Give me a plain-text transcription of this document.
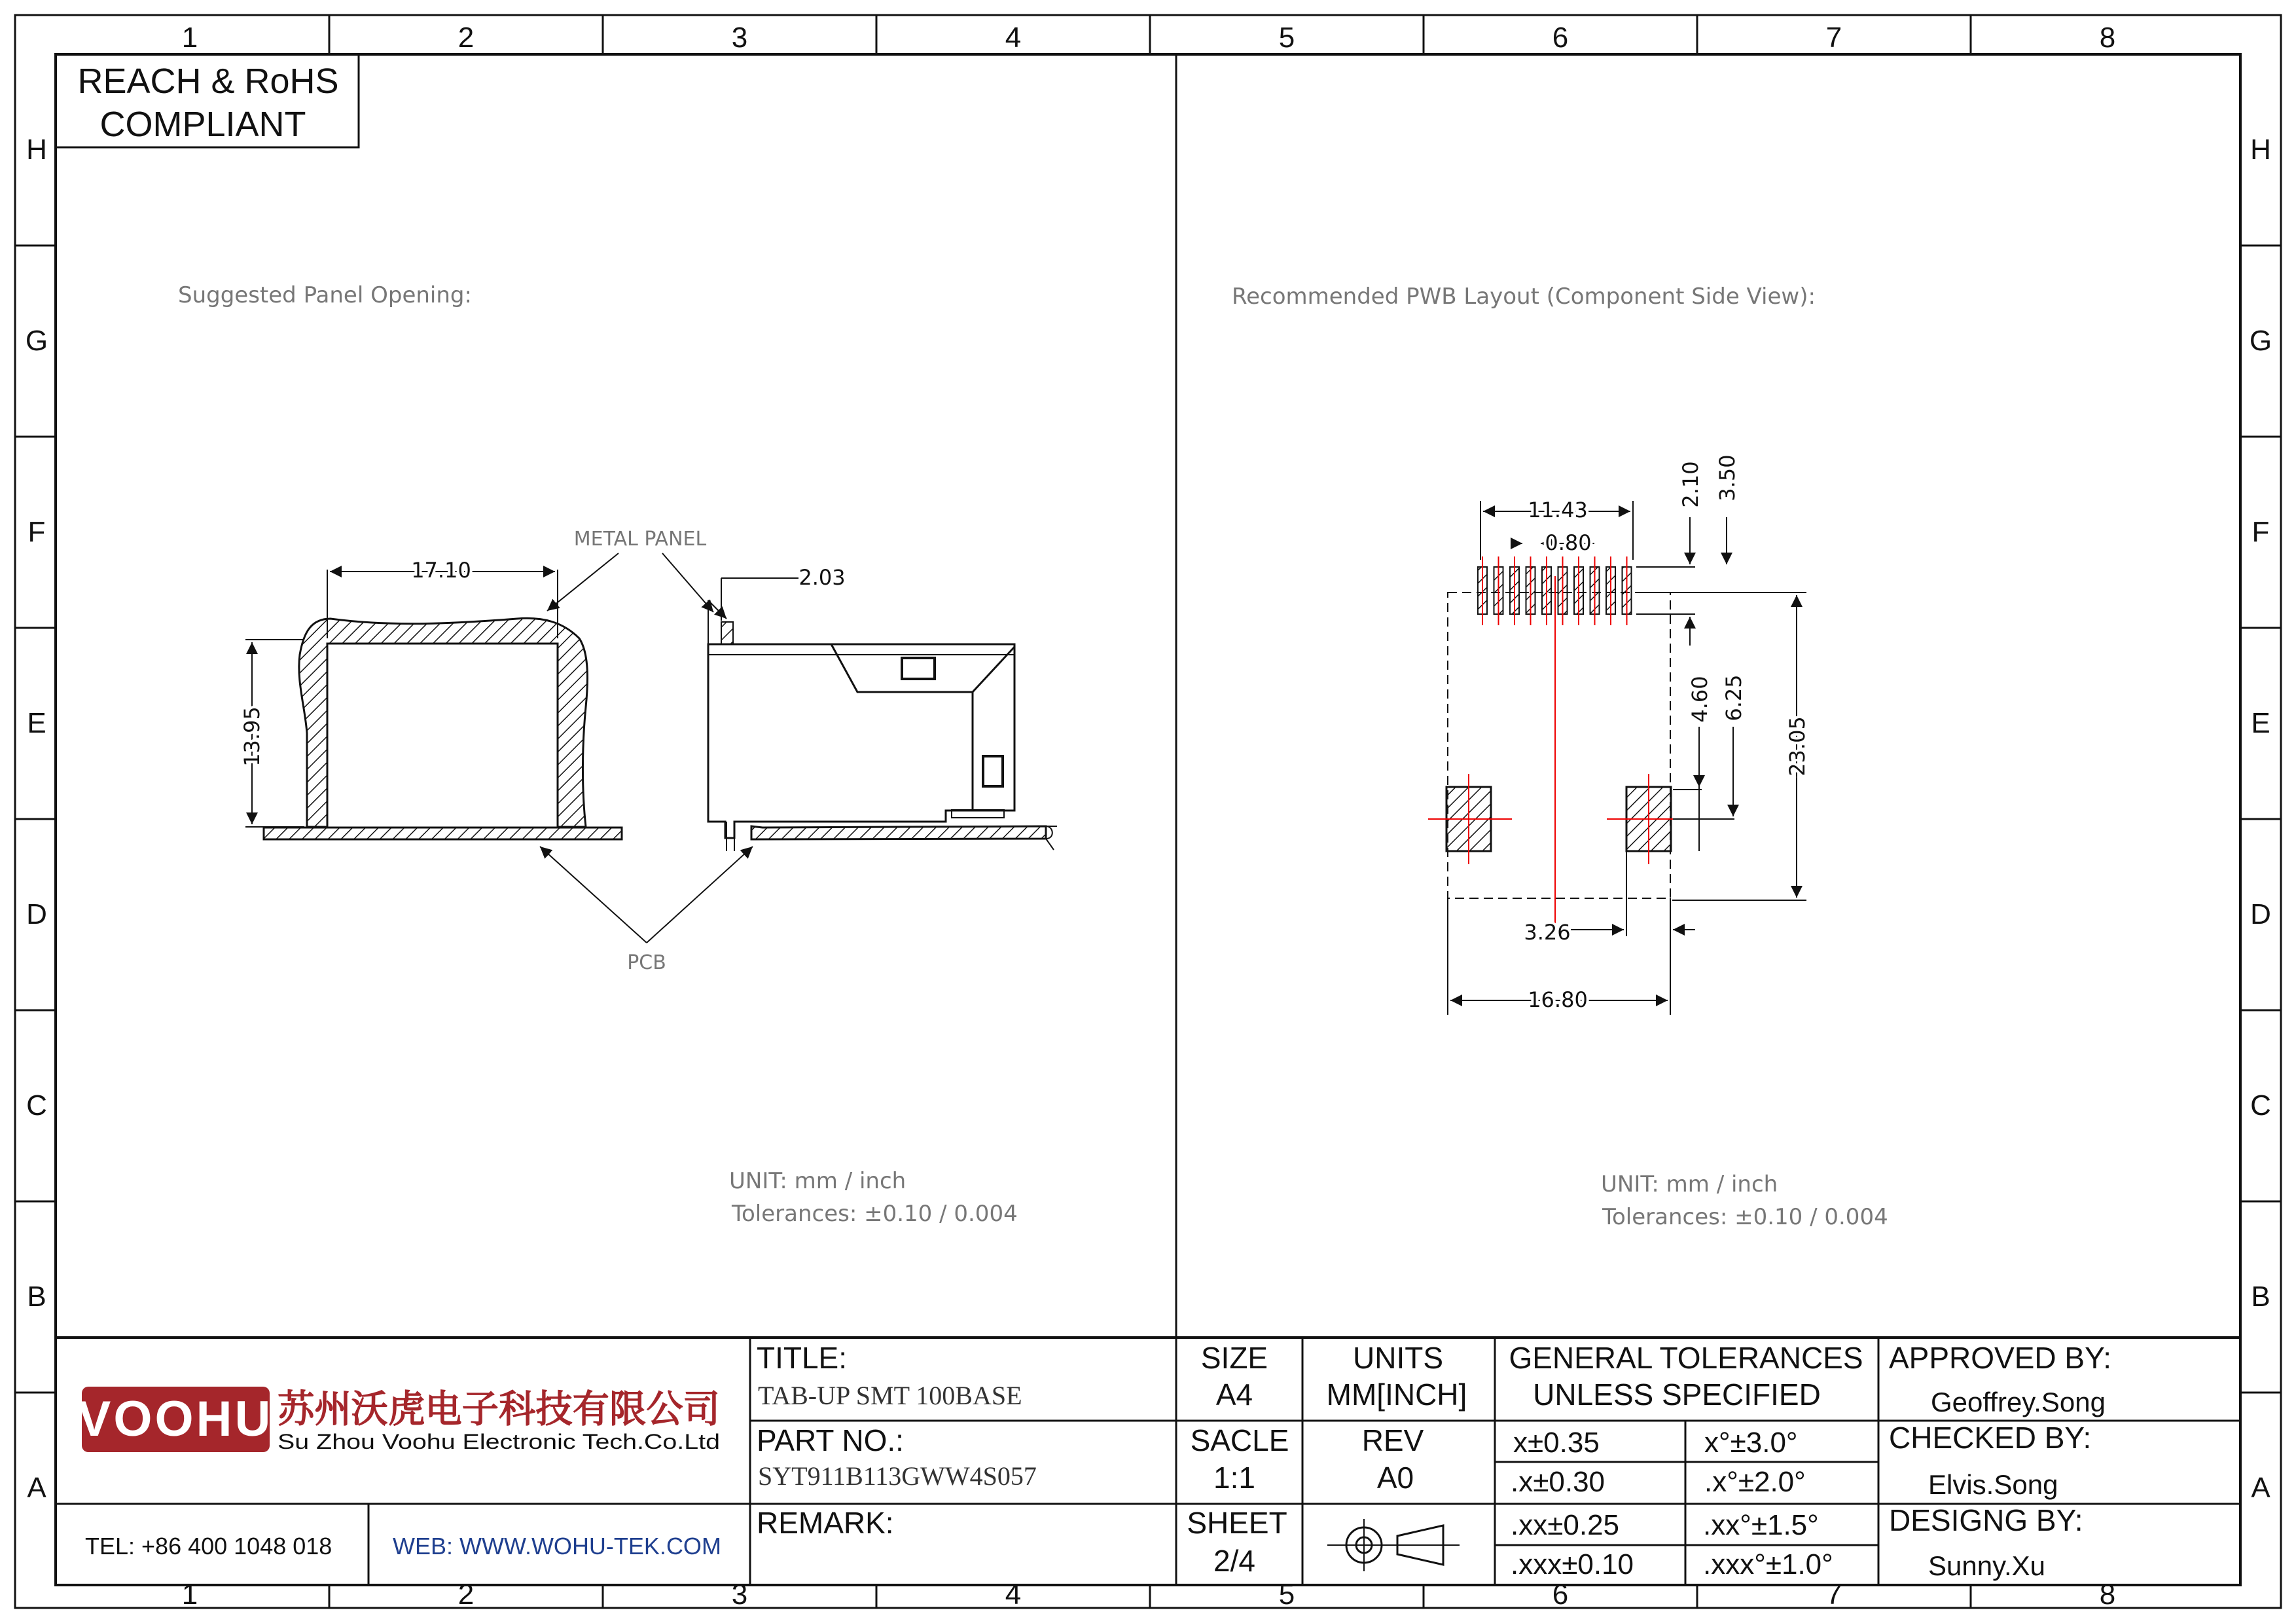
1	2	3	4	5	6	7	8
1	2	3	4	5	6	7	8
H
G
F
E
D
C
B
A
H
G
F
E
D
C
B
A
REACH & RoHS
COMPLIANT
Suggested Panel Opening:
17.10
13.95
METAL PANEL
PCB
2.03
UNIT: mm / inch
Tolerances: ±0.10 / 0.004
Recommended PWB Layout (Component Side View):
11.43
0.80
2.10 3.50
4.60 6.25
23.05
3.26
16.80
UNIT: mm / inch
Tolerances: ±0.10 / 0.004
VOOHU 苏州沃虎电子科技有限公司
Su Zhou Voohu Electronic Tech.Co.Ltd
TEL: +86 400 1048 018	WEB: WWW.WOHU-TEK.COM
TITLE:
TAB-UP SMT 100BASE
PART NO.:
SYT911B113GWW4S057
REMARK:
SIZE
A4
SACLE
1:1
SHEET
2/4
UNITS
MM[INCH]
REV
A0
GENERAL TOLERANCES
UNLESS SPECIFIED
x±0.35	x°±3.0°
.x±0.30	.x°±2.0°
.xx±0.25	.xx°±1.5°
.xxx±0.10 .xxx°±1.0°
APPROVED BY:
Geoffrey.Song
CHECKED BY:
Elvis.Song
DESIGNG BY:
Sunny.Xu
